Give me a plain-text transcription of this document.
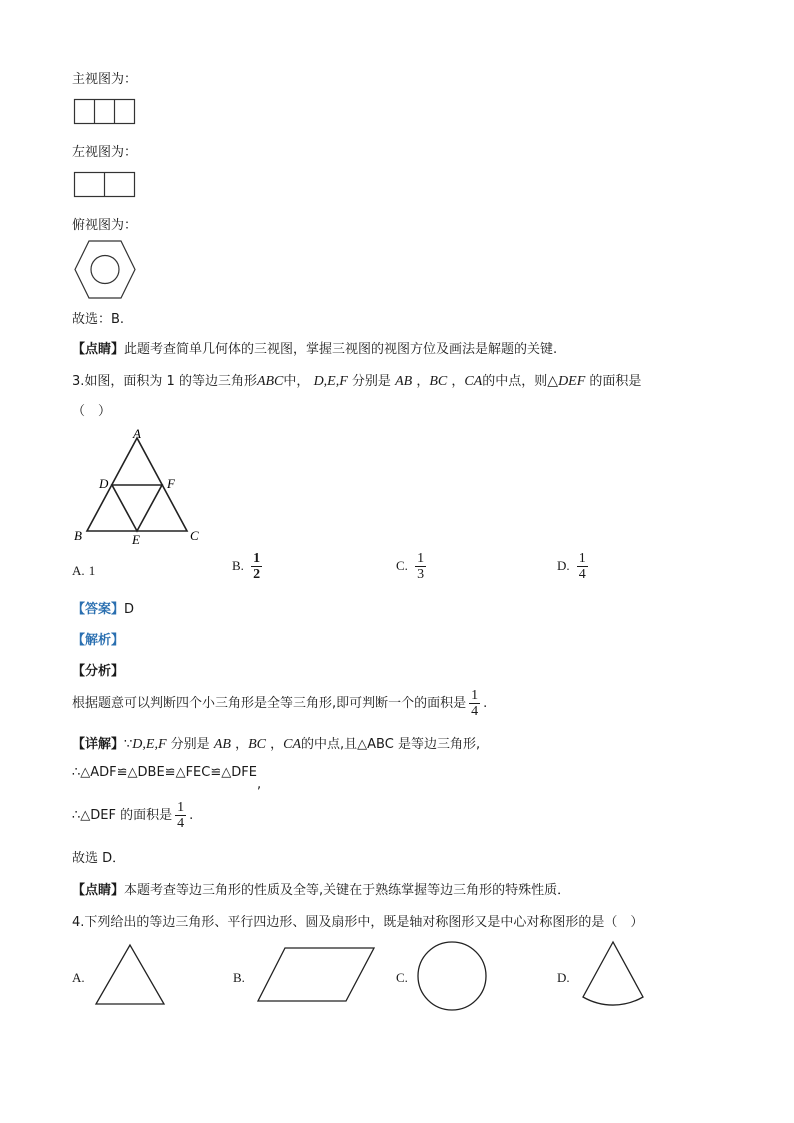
主视图为：
左视图为：
俯视图为：
故选：B.
【点睛】此题考查简单几何体的三视图，掌握三视图的视图方位及画法是解题的关键.
3.如图，面积为 1 的等边三角形ABC中， D,E,F 分别是 AB ，BC ，CA的中点，则△DEF 的面积是
（　）
A
D	F
B	E	C
A. 1	B. $\frac{1}{2}$	C. $\frac{1}{3}$	D. $\frac{1}{4}$
【答案】D
【解析】
【分析】
根据题意可以判断四个小三角形是全等三角形,即可判断一个的面积是 $\frac{1}{4}$ .
【详解】∵D,E,F 分别是 AB ，BC ，CA的中点,且△ABC 是等边三角形,
∴△ADF≌△DBE≌△FEC≌△DFE,
∴△DEF 的面积是 $\frac{1}{4}$ .
故选 D．
【点睛】本题考查等边三角形的性质及全等,关键在于熟练掌握等边三角形的特殊性质．
4.下列给出的等边三角形、平行四边形、圆及扇形中，既是轴对称图形又是中心对称图形的是（　）
A.	B.	C.	D.
